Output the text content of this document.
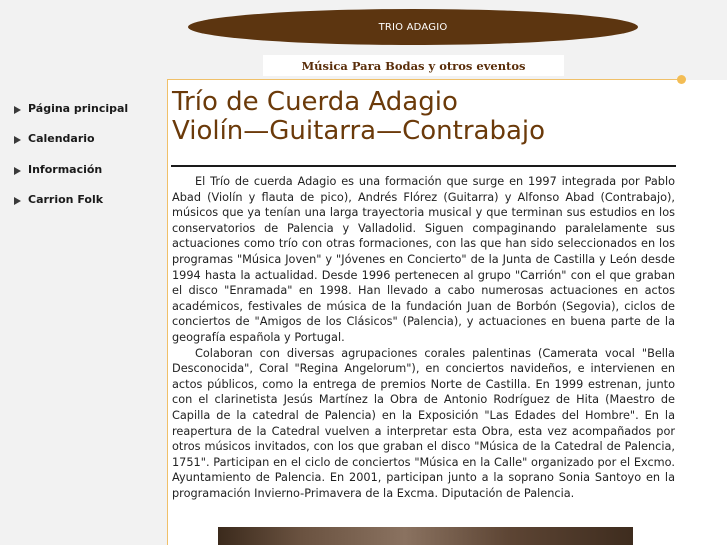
TRIO ADAGIO
Música Para Bodas y otros eventos
Página principal
Calendario
Información
Carrion Folk
Trío de Cuerda Adagio
Violín—Guitarra—Contrabajo

El Trío de cuerda Adagio es una formación que surge en 1997 integrada por Pablo Abad (Violín y flauta de pico), Andrés Flórez (Guitarra) y Alfonso Abad (Contrabajo), músicos que ya tenían una larga trayectoria musical y que terminan sus estudios en los conservatorios de Palencia y Valladolid. Siguen compaginando paralelamente sus actuaciones como trío con otras formaciones, con las que han sido seleccionados en los programas "Música Joven" y "Jóvenes en Concierto" de la Junta de Castilla y León desde 1994 hasta la actualidad. Desde 1996 pertenecen al grupo "Carrión" con el que graban el disco "Enramada" en 1998. Han llevado a cabo numerosas actuaciones en actos académicos, festivales de música de la fundación Juan de Borbón (Segovia), ciclos de conciertos de "Amigos de los Clásicos" (Palencia), y actuaciones en buena parte de la geografía española y Portugal.

Colaboran con diversas agrupaciones corales palentinas (Camerata vocal "Bella Desconocida", Coral "Regina Angelorum"), en conciertos navideños, e intervienen en actos públicos, como la entrega de premios Norte de Castilla. En 1999 estrenan, junto con el clarinetista Jesús Martínez la Obra de Antonio Rodríguez de Hita (Maestro de Capilla de la catedral de Palencia) en la Exposición "Las Edades del Hombre". En la reapertura de la Catedral vuelven a interpretar esta Obra, esta vez acompañados por otros músicos invitados, con los que graban el disco "Música de la Catedral de Palencia, 1751". Participan en el ciclo de conciertos "Música en la Calle" organizado por el Excmo. Ayuntamiento de Palencia. En 2001, participan junto a la soprano Sonia Santoyo en la programación Invierno-Primavera de la Excma. Diputación de Palencia.
